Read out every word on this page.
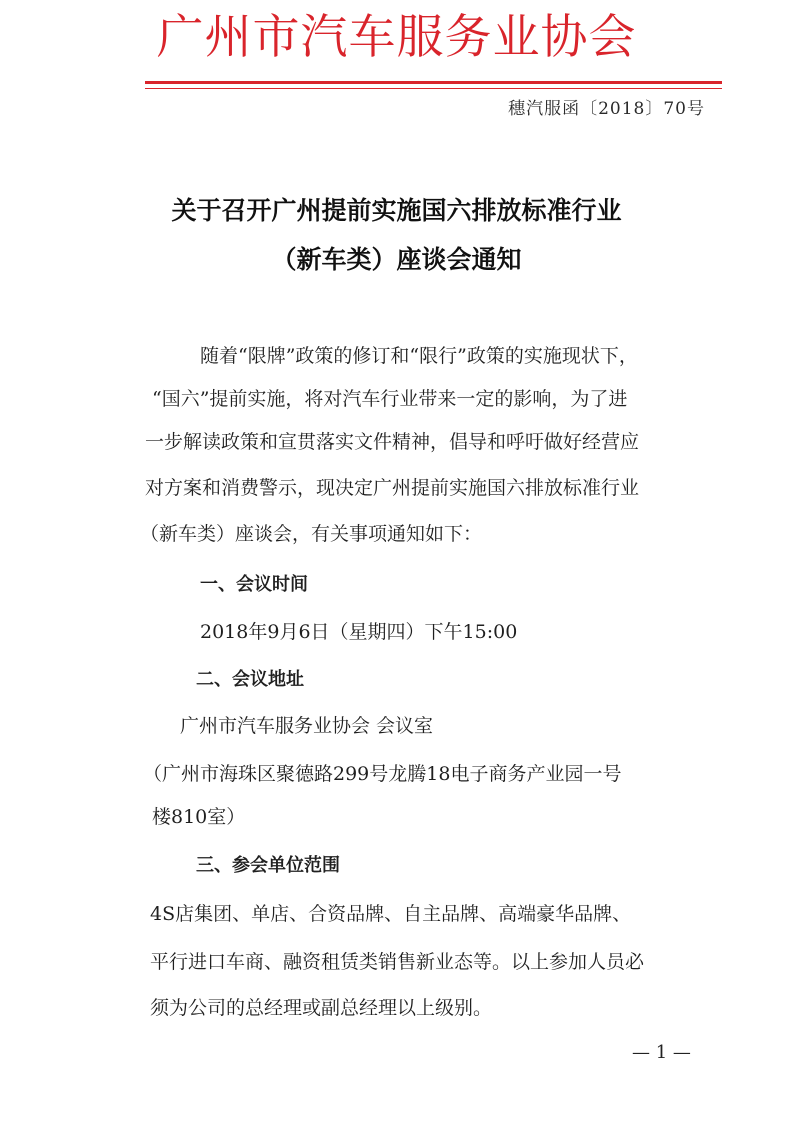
广州市汽车服务业协会
穗汽服函〔2018〕70号
关于召开广州提前实施国六排放标准行业
（新车类）座谈会通知
随着“限牌”政策的修订和“限行”政策的实施现状下，
“国六”提前实施，将对汽车行业带来一定的影响，为了进
一步解读政策和宣贯落实文件精神，倡导和呼吁做好经营应
对方案和消费警示，现决定广州提前实施国六排放标准行业
（新车类）座谈会，有关事项通知如下：
一、会议时间
2018年9月6日（星期四）下午15:00
二、会议地址
广州市汽车服务业协会 会议室
（广州市海珠区聚德路299号龙腾18电子商务产业园一号
楼810室）
三、参会单位范围
4S店集团、单店、合资品牌、自主品牌、高端豪华品牌、
平行进口车商、融资租赁类销售新业态等。以上参加人员必
须为公司的总经理或副总经理以上级别。
— 1 —
